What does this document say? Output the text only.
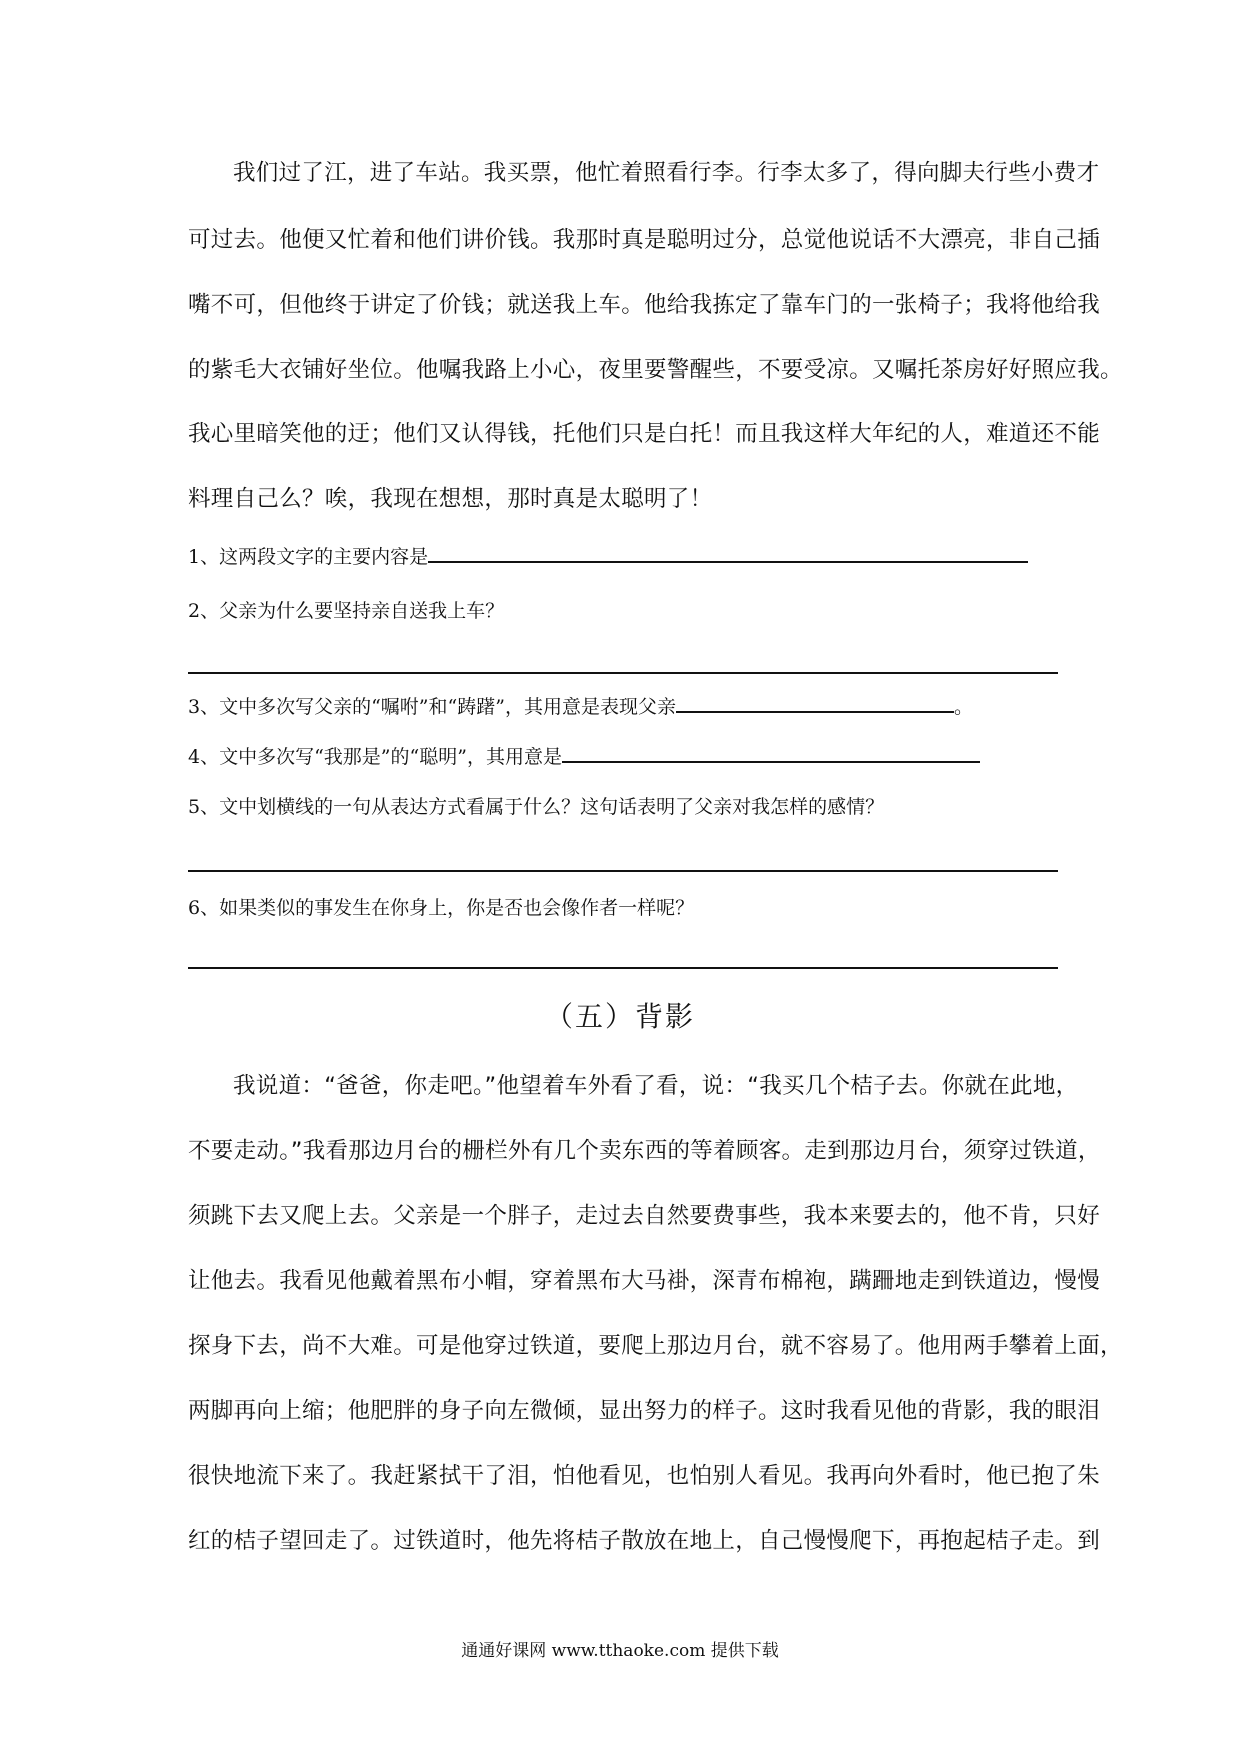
我们过了江，进了车站。我买票，他忙着照看行李。行李太多了，得向脚夫行些小费才
可过去。他便又忙着和他们讲价钱。我那时真是聪明过分，总觉他说话不大漂亮，非自己插
嘴不可，但他终于讲定了价钱；就送我上车。他给我拣定了靠车门的一张椅子；我将他给我
的紫毛大衣铺好坐位。他嘱我路上小心，夜里要警醒些，不要受凉。又嘱托茶房好好照应我。
我心里暗笑他的迂；他们又认得钱，托他们只是白托！而且我这样大年纪的人，难道还不能
料理自己么？唉，我现在想想，那时真是太聪明了！
1、这两段文字的主要内容是
2、父亲为什么要坚持亲自送我上车？
3、文中多次写父亲的“嘱咐”和“踌躇”，其用意是表现父亲	。
4、文中多次写“我那是”的“聪明”，其用意是
5、文中划横线的一句从表达方式看属于什么？这句话表明了父亲对我怎样的感情？
6、如果类似的事发生在你身上，你是否也会像作者一样呢？
（五）背影
我说道：“爸爸，你走吧。”他望着车外看了看，说：“我买几个桔子去。你就在此地，
不要走动。”我看那边月台的栅栏外有几个卖东西的等着顾客。走到那边月台，须穿过铁道，
须跳下去又爬上去。父亲是一个胖子，走过去自然要费事些，我本来要去的，他不肯，只好
让他去。我看见他戴着黑布小帽，穿着黑布大马褂，深青布棉袍，蹒跚地走到铁道边，慢慢
探身下去，尚不大难。可是他穿过铁道，要爬上那边月台，就不容易了。他用两手攀着上面，
两脚再向上缩；他肥胖的身子向左微倾，显出努力的样子。这时我看见他的背影，我的眼泪
很快地流下来了。我赶紧拭干了泪，怕他看见，也怕别人看见。我再向外看时，他已抱了朱
红的桔子望回走了。过铁道时，他先将桔子散放在地上，自己慢慢爬下，再抱起桔子走。到
通通好课网 www.tthaoke.com 提供下载
